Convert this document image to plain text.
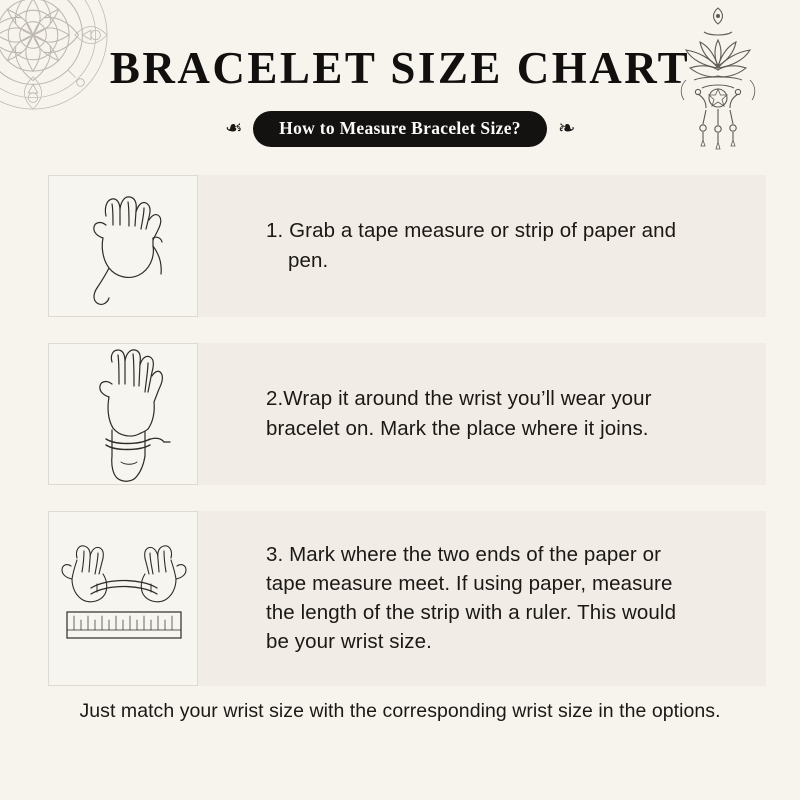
BRACELET SIZE CHART
❧	How to Measure Bracelet Size?	❧
1. Grab a tape measure or strip of paper and
pen.
2.Wrap it around the wrist you’ll wear your
bracelet on. Mark the place where it joins.
3. Mark where the two ends of the paper or
tape measure meet. If using paper, measure
the length of the strip with a ruler. This would
be your wrist size.
Just match your wrist size with the corresponding wrist size in the options.
